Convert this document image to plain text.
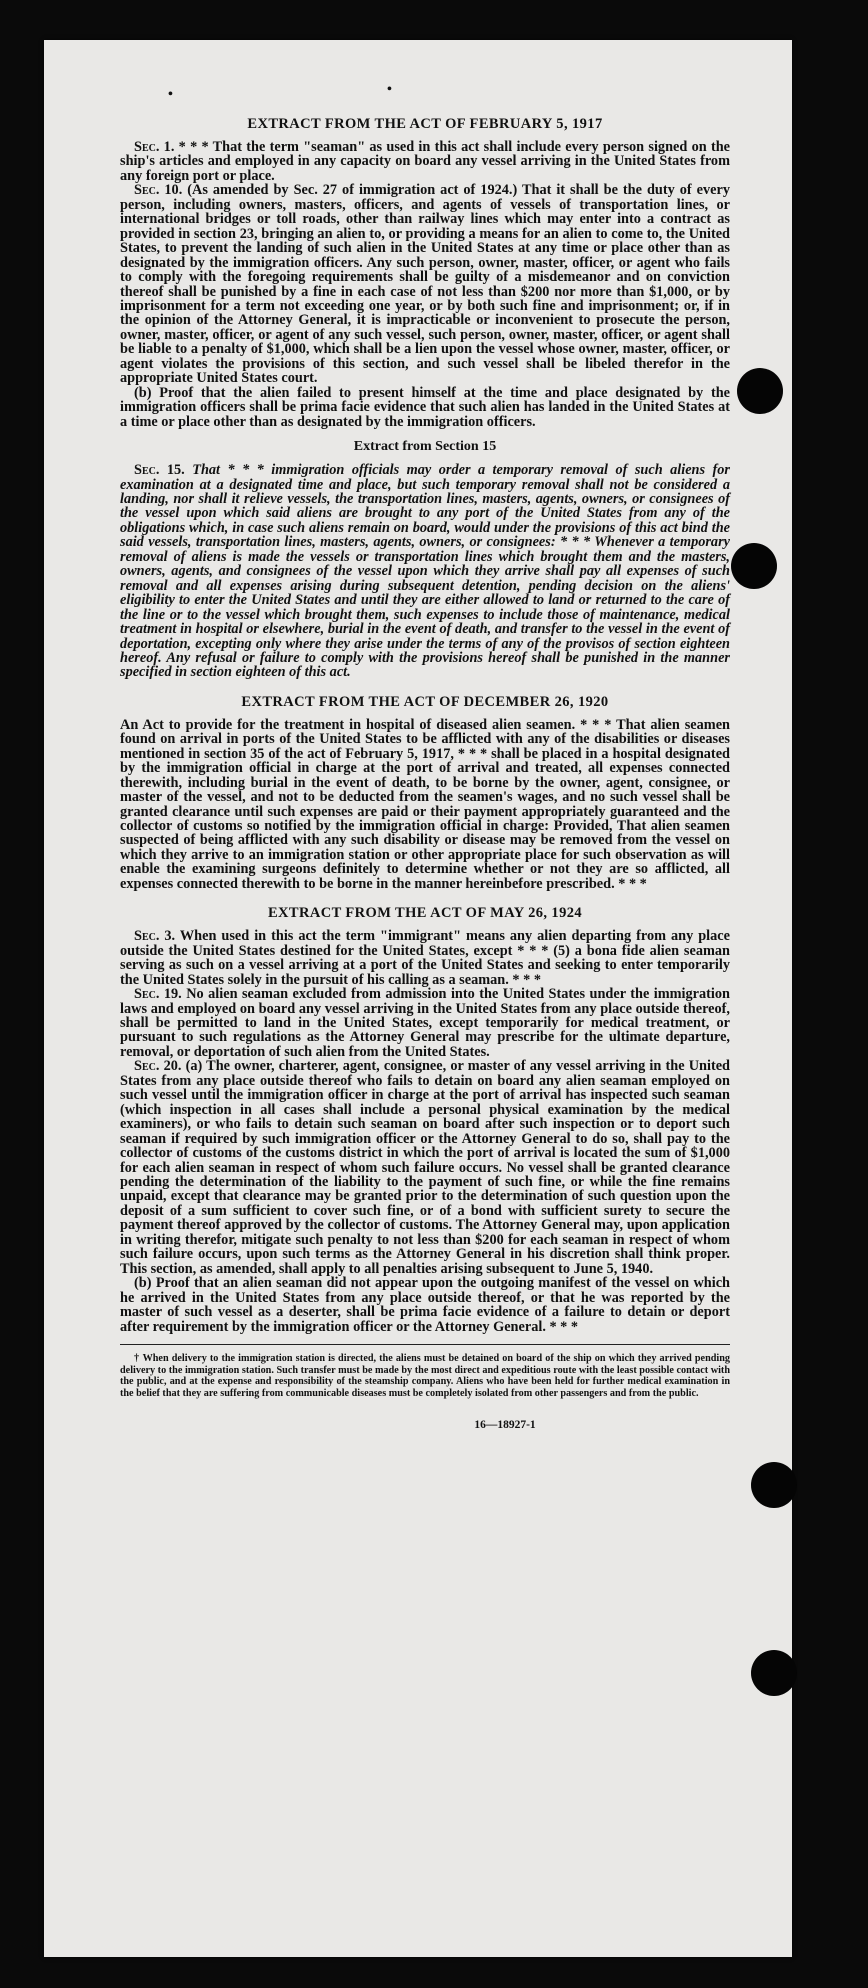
•	•
EXTRACT FROM THE ACT OF FEBRUARY 5, 1917

Sec. 1. * * * That the term "seaman" as used in this act shall include every person signed on the ship's articles and employed in any capacity on board any vessel arriving in the United States from any foreign port or place.

Sec. 10. (As amended by Sec. 27 of immigration act of 1924.) That it shall be the duty of every person, including owners, masters, officers, and agents of vessels of transportation lines, or international bridges or toll roads, other than railway lines which may enter into a contract as provided in section 23, bringing an alien to, or providing a means for an alien to come to, the United States, to prevent the landing of such alien in the United States at any time or place other than as designated by the immigration officers. Any such person, owner, master, officer, or agent who fails to comply with the foregoing requirements shall be guilty of a misdemeanor and on conviction thereof shall be punished by a fine in each case of not less than $200 nor more than $1,000, or by imprisonment for a term not exceeding one year, or by both such fine and imprisonment; or, if in the opinion of the Attorney General, it is impracticable or inconvenient to prosecute the person, owner, master, officer, or agent of any such vessel, such person, owner, master, officer, or agent shall be liable to a penalty of $1,000, which shall be a lien upon the vessel whose owner, master, officer, or agent violates the provisions of this section, and such vessel shall be libeled therefor in the appropriate United States court.

(b) Proof that the alien failed to present himself at the time and place designated by the immigration officers shall be prima facie evidence that such alien has landed in the United States at a time or place other than as designated by the immigration officers.

Extract from Section 15

Sec. 15. That * * * immigration officials may order a temporary removal of such aliens for examination at a designated time and place, but such temporary removal shall not be considered a landing, nor shall it relieve vessels, the transportation lines, masters, agents, owners, or consignees of the vessel upon which said aliens are brought to any port of the United States from any of the obligations which, in case such aliens remain on board, would under the provisions of this act bind the said vessels, transportation lines, masters, agents, owners, or consignees: * * * Whenever a temporary removal of aliens is made the vessels or transportation lines which brought them and the masters, owners, agents, and consignees of the vessel upon which they arrive shall pay all expenses of such removal and all expenses arising during subsequent detention, pending decision on the aliens' eligibility to enter the United States and until they are either allowed to land or returned to the care of the line or to the vessel which brought them, such expenses to include those of maintenance, medical treatment in hospital or elsewhere, burial in the event of death, and transfer to the vessel in the event of deportation, excepting only where they arise under the terms of any of the provisos of section eighteen hereof. Any refusal or failure to comply with the provisions hereof shall be punished in the manner specified in section eighteen of this act.

EXTRACT FROM THE ACT OF DECEMBER 26, 1920

An Act to provide for the treatment in hospital of diseased alien seamen. * * * That alien seamen found on arrival in ports of the United States to be afflicted with any of the disabilities or diseases mentioned in section 35 of the act of February 5, 1917, * * * shall be placed in a hospital designated by the immigration official in charge at the port of arrival and treated, all expenses connected therewith, including burial in the event of death, to be borne by the owner, agent, consignee, or master of the vessel, and not to be deducted from the seamen's wages, and no such vessel shall be granted clearance until such expenses are paid or their payment appropriately guaranteed and the collector of customs so notified by the immigration official in charge: Provided, That alien seamen suspected of being afflicted with any such disability or disease may be removed from the vessel on which they arrive to an immigration station or other appropriate place for such observation as will enable the examining surgeons definitely to determine whether or not they are so afflicted, all expenses connected therewith to be borne in the manner hereinbefore prescribed. * * *

EXTRACT FROM THE ACT OF MAY 26, 1924

Sec. 3. When used in this act the term "immigrant" means any alien departing from any place outside the United States destined for the United States, except * * * (5) a bona fide alien seaman serving as such on a vessel arriving at a port of the United States and seeking to enter temporarily the United States solely in the pursuit of his calling as a seaman. * * *

Sec. 19. No alien seaman excluded from admission into the United States under the immigration laws and employed on board any vessel arriving in the United States from any place outside thereof, shall be permitted to land in the United States, except temporarily for medical treatment, or pursuant to such regulations as the Attorney General may prescribe for the ultimate departure, removal, or deportation of such alien from the United States.

Sec. 20. (a) The owner, charterer, agent, consignee, or master of any vessel arriving in the United States from any place outside thereof who fails to detain on board any alien seaman employed on such vessel until the immigration officer in charge at the port of arrival has inspected such seaman (which inspection in all cases shall include a personal physical examination by the medical examiners), or who fails to detain such seaman on board after such inspection or to deport such seaman if required by such immigration officer or the Attorney General to do so, shall pay to the collector of customs of the customs district in which the port of arrival is located the sum of $1,000 for each alien seaman in respect of whom such failure occurs. No vessel shall be granted clearance pending the determination of the liability to the payment of such fine, or while the fine remains unpaid, except that clearance may be granted prior to the determination of such question upon the deposit of a sum sufficient to cover such fine, or of a bond with sufficient surety to secure the payment thereof approved by the collector of customs. The Attorney General may, upon application in writing therefor, mitigate such penalty to not less than $200 for each seaman in respect of whom such failure occurs, upon such terms as the Attorney General in his discretion shall think proper. This section, as amended, shall apply to all penalties arising subsequent to June 5, 1940.

(b) Proof that an alien seaman did not appear upon the outgoing manifest of the vessel on which he arrived in the United States from any place outside thereof, or that he was reported by the master of such vessel as a deserter, shall be prima facie evidence of a failure to detain or deport after requirement by the immigration officer or the Attorney General. * * *

† When delivery to the immigration station is directed, the aliens must be detained on board of the ship on which they arrived pending delivery to the immigration station. Such transfer must be made by the most direct and expeditious route with the least possible contact with the public, and at the expense and responsibility of the steamship company. Aliens who have been held for further medical examination in the belief that they are suffering from communicable diseases must be completely isolated from other passengers and from the public.

16—18927-1
